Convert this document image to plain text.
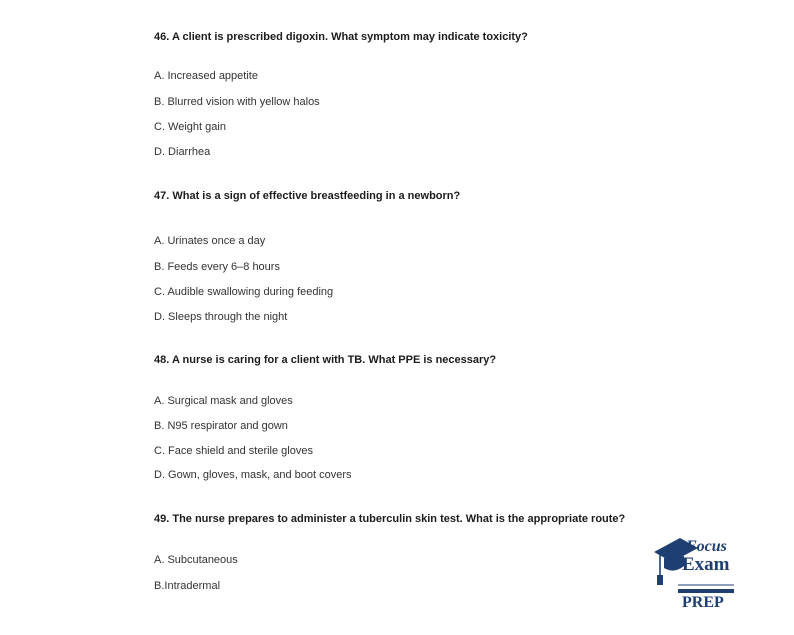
46. A client is prescribed digoxin. What symptom may indicate toxicity?

A. Increased appetite
B. Blurred vision with yellow halos
C. Weight gain
D. Diarrhea

47. What is a sign of effective breastfeeding in a newborn?

A. Urinates once a day
B. Feeds every 6–8 hours
C. Audible swallowing during feeding
D. Sleeps through the night

48. A nurse is caring for a client with TB. What PPE is necessary?

A. Surgical mask and gloves
B. N95 respirator and gown
C. Face shield and sterile gloves
D. Gown, gloves, mask, and boot covers

49. The nurse prepares to administer a tuberculin skin test. What is the appropriate route?

A. Subcutaneous
B.Intradermal
Focus
Exam
PREP
